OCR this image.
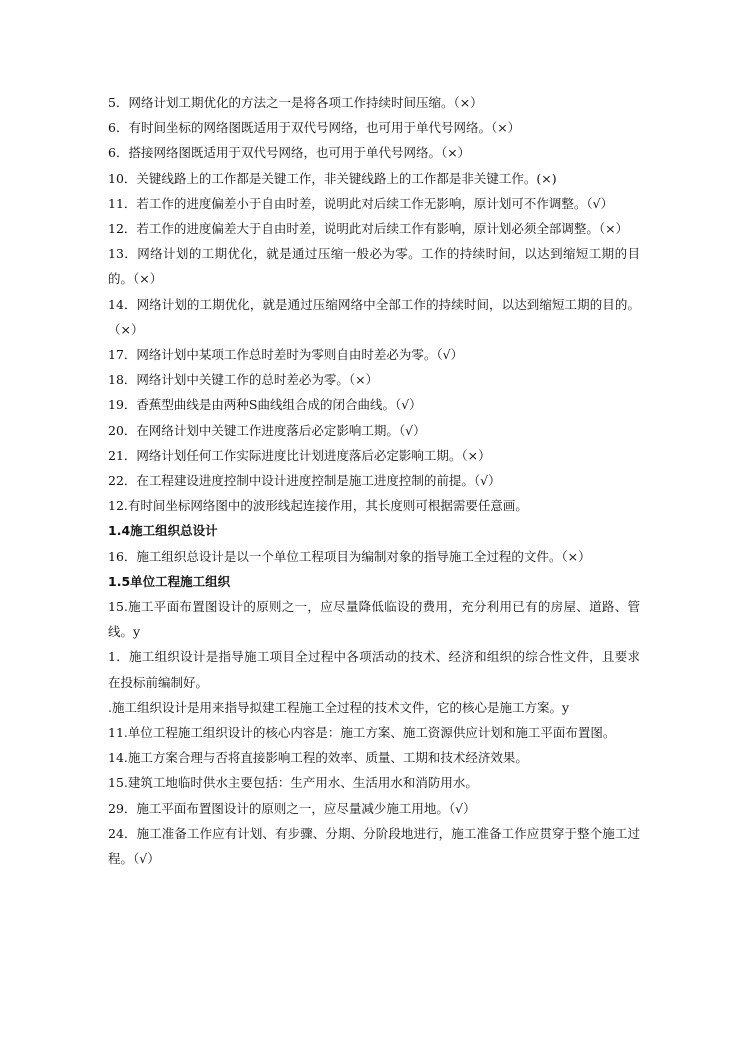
5．网络计划工期优化的方法之一是将各项工作持续时间压缩。（×）

6．有时间坐标的网络图既适用于双代号网络，也可用于单代号网络。（×）

6．搭接网络图既适用于双代号网络，也可用于单代号网络。（×）

10．关键线路上的工作都是关键工作，非关键线路上的工作都是非关键工作。(×)

11．若工作的进度偏差小于自由时差，说明此对后续工作无影响，原计划可不作调整。（√）

12．若工作的进度偏差大于自由时差，说明此对后续工作有影响，原计划必须全部调整。（×）

13．网络计划的工期优化，就是通过压缩一般必为零。工作的持续时间，以达到缩短工期的目的。（×）

14．网络计划的工期优化，就是通过压缩网络中全部工作的持续时间，以达到缩短工期的目的。（×）

17．网络计划中某项工作总时差时为零则自由时差必为零。（√）

18．网络计划中关键工作的总时差必为零。（×）

19．香蕉型曲线是由两种S曲线组合成的闭合曲线。（√）

20．在网络计划中关键工作进度落后必定影响工期。（√）

21．网络计划任何工作实际进度比计划进度落后必定影响工期。（×）

22．在工程建设进度控制中设计进度控制是施工进度控制的前提。（√）

12.有时间坐标网络图中的波形线起连接作用，其长度则可根据需要任意画。

1.4施工组织总设计

16．施工组织总设计是以一个单位工程项目为编制对象的指导施工全过程的文件。（×）

1.5单位工程施工组织

15.施工平面布置图设计的原则之一，应尽量降低临设的费用，充分利用已有的房屋、道路、管线。y

1．施工组织设计是指导施工项目全过程中各项活动的技术、经济和组织的综合性文件，且要求在投标前编制好。

.施工组织设计是用来指导拟建工程施工全过程的技术文件，它的核心是施工方案。y

11.单位工程施工组织设计的核心内容是：施工方案、施工资源供应计划和施工平面布置图。

14.施工方案合理与否将直接影响工程的效率、质量、工期和技术经济效果。

15.建筑工地临时供水主要包括：生产用水、生活用水和消防用水。

29．施工平面布置图设计的原则之一，应尽量减少施工用地。（√）

24．施工准备工作应有计划、有步骤、分期、分阶段地进行，施工准备工作应贯穿于整个施工过程。（√）
